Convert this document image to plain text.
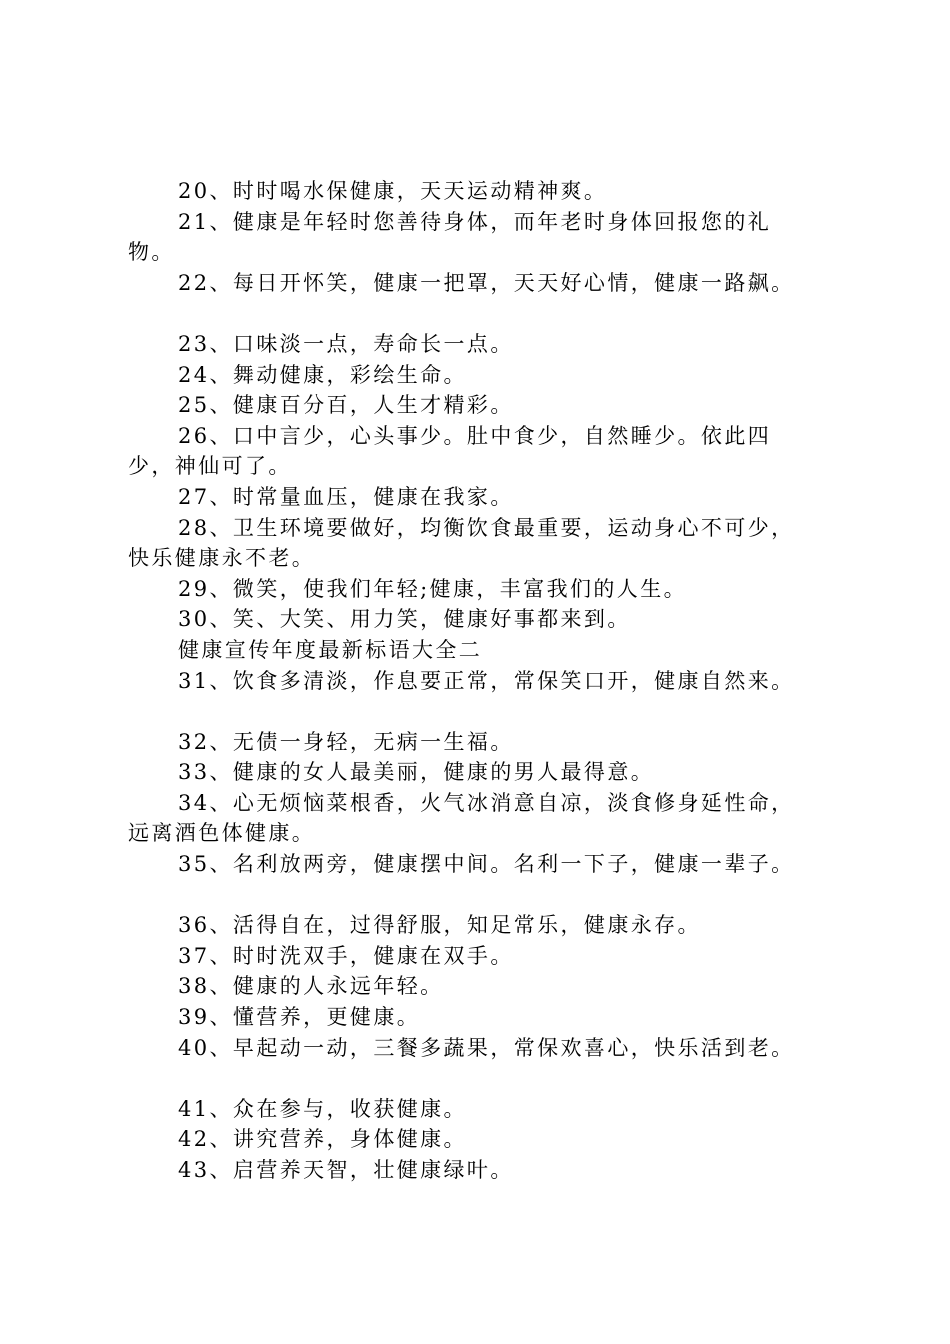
20、时时喝水保健康，天天运动精神爽。
21、健康是年轻时您善待身体，而年老时身体回报您的礼
物。
22、每日开怀笑，健康一把罩，天天好心情，健康一路飙。
23、口味淡一点，寿命长一点。
24、舞动健康，彩绘生命。
25、健康百分百，人生才精彩。
26、口中言少，心头事少。肚中食少，自然睡少。依此四
少，神仙可了。
27、时常量血压，健康在我家。
28、卫生环境要做好，均衡饮食最重要，运动身心不可少，
快乐健康永不老。
29、微笑，使我们年轻;健康，丰富我们的人生。
30、笑、大笑、用力笑，健康好事都来到。
健康宣传年度最新标语大全二
31、饮食多清淡，作息要正常，常保笑口开，健康自然来。
32、无债一身轻，无病一生福。
33、健康的女人最美丽，健康的男人最得意。
34、心无烦恼菜根香，火气冰消意自凉，淡食修身延性命，
远离酒色体健康。
35、名利放两旁，健康摆中间。名利一下子，健康一辈子。
36、活得自在，过得舒服，知足常乐，健康永存。
37、时时洗双手，健康在双手。
38、健康的人永远年轻。
39、懂营养，更健康。
40、早起动一动，三餐多蔬果，常保欢喜心，快乐活到老。
41、众在参与，收获健康。
42、讲究营养，身体健康。
43、启营养天智，壮健康绿叶。
